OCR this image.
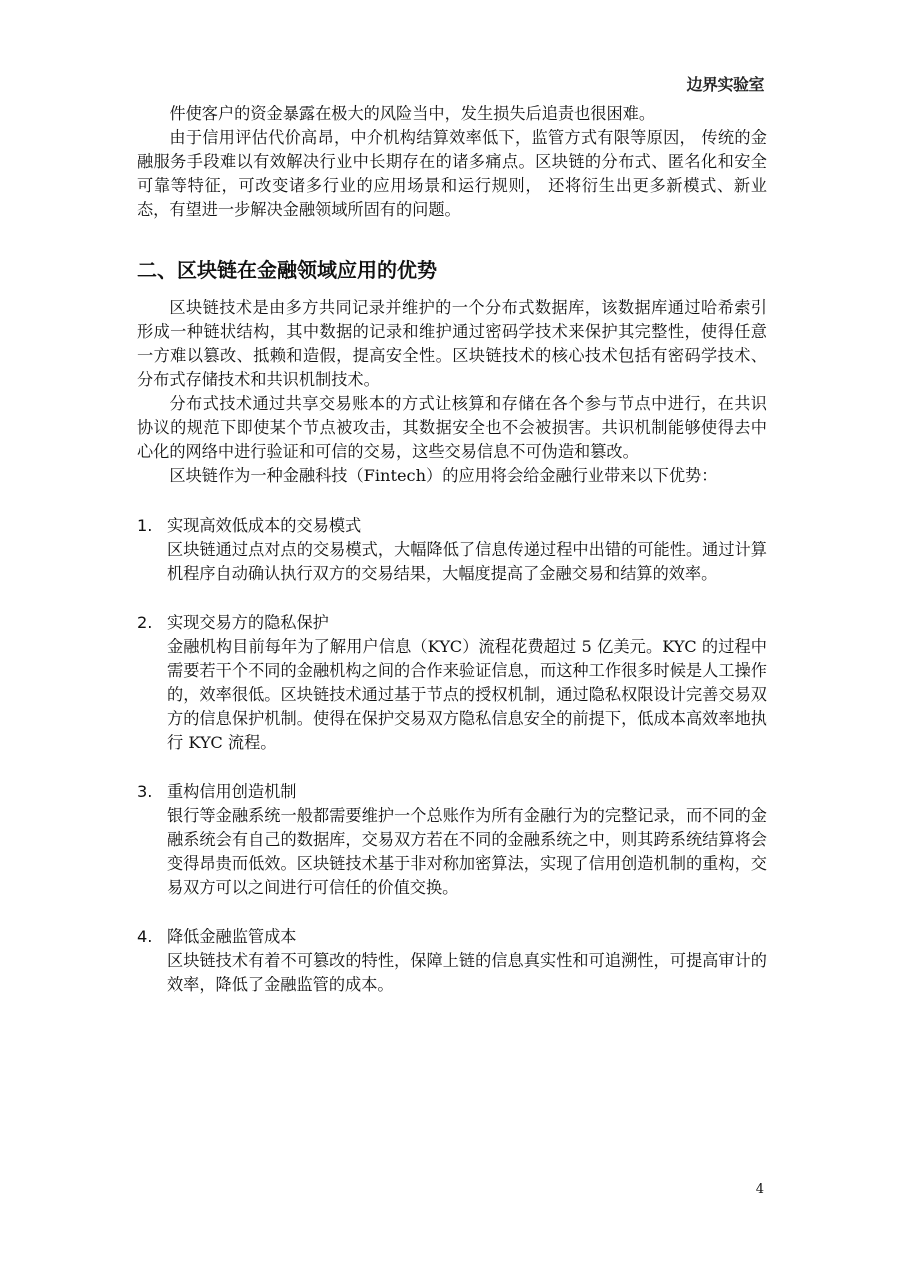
边界实验室

件使客户的资金暴露在极大的风险当中，发生损失后追责也很困难。

由于信用评估代价高昂，中介机构结算效率低下，监管方式有限等原因， 传统的金融服务手段难以有效解决行业中长期存在的诸多痛点。区块链的分布式、匿名化和安全可靠等特征，可改变诸多行业的应用场景和运行规则， 还将衍生出更多新模式、新业态，有望进一步解决金融领域所固有的问题。

二、区块链在金融领域应用的优势

区块链技术是由多方共同记录并维护的一个分布式数据库，该数据库通过哈希索引形成一种链状结构，其中数据的记录和维护通过密码学技术来保护其完整性，使得任意一方难以篡改、抵赖和造假，提高安全性。区块链技术的核心技术包括有密码学技术、分布式存储技术和共识机制技术。

分布式技术通过共享交易账本的方式让核算和存储在各个参与节点中进行，在共识协议的规范下即使某个节点被攻击，其数据安全也不会被损害。共识机制能够使得去中心化的网络中进行验证和可信的交易，这些交易信息不可伪造和篡改。

区块链作为一种金融科技（Fintech）的应用将会给金融行业带来以下优势：

1. 实现高效低成本的交易模式

区块链通过点对点的交易模式，大幅降低了信息传递过程中出错的可能性。通过计算机程序自动确认执行双方的交易结果，大幅度提高了金融交易和结算的效率。

2. 实现交易方的隐私保护

金融机构目前每年为了解用户信息（KYC）流程花费超过 5 亿美元。KYC 的过程中需要若干个不同的金融机构之间的合作来验证信息，而这种工作很多时候是人工操作的，效率很低。区块链技术通过基于节点的授权机制，通过隐私权限设计完善交易双方的信息保护机制。使得在保护交易双方隐私信息安全的前提下，低成本高效率地执行 KYC 流程。

3. 重构信用创造机制

银行等金融系统一般都需要维护一个总账作为所有金融行为的完整记录，而不同的金融系统会有自己的数据库，交易双方若在不同的金融系统之中，则其跨系统结算将会变得昂贵而低效。区块链技术基于非对称加密算法，实现了信用创造机制的重构，交易双方可以之间进行可信任的价值交换。

4. 降低金融监管成本

区块链技术有着不可篡改的特性，保障上链的信息真实性和可追溯性，可提高审计的效率，降低了金融监管的成本。

4
